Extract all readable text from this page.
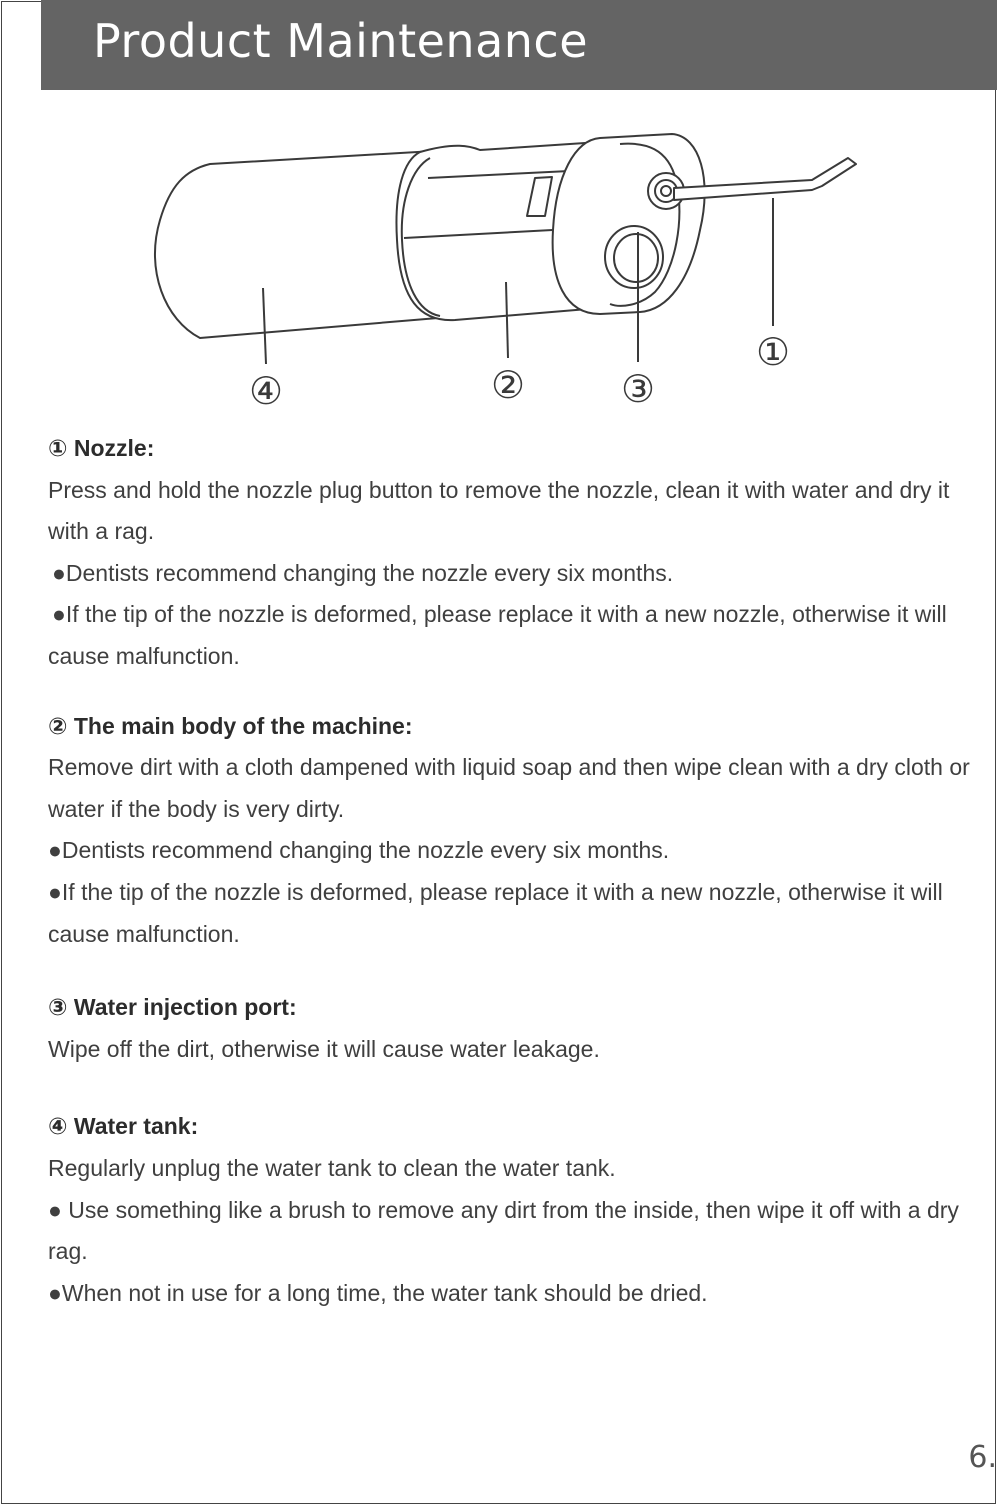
Product Maintenance
①
②	③
④

① Nozzle:

Press and hold the nozzle plug button to remove the nozzle, clean it with water and dry it with a rag.

●Dentists recommend changing the nozzle every six months.

●If the tip of the nozzle is deformed, please replace it with a new nozzle, otherwise it will cause malfunction.

② The main body of the machine:

Remove dirt with a cloth dampened with liquid soap and then wipe clean with a dry cloth or water if the body is very dirty.

●Dentists recommend changing the nozzle every six months.

●If the tip of the nozzle is deformed, please replace it with a new nozzle, otherwise it will cause malfunction.

③ Water injection port:

Wipe off the dirt, otherwise it will cause water leakage.

④ Water tank:

Regularly unplug the water tank to clean the water tank.

● Use something like a brush to remove any dirt from the inside, then wipe it off with a dry rag.

●When not in use for a long time, the water tank should be dried.

6.
